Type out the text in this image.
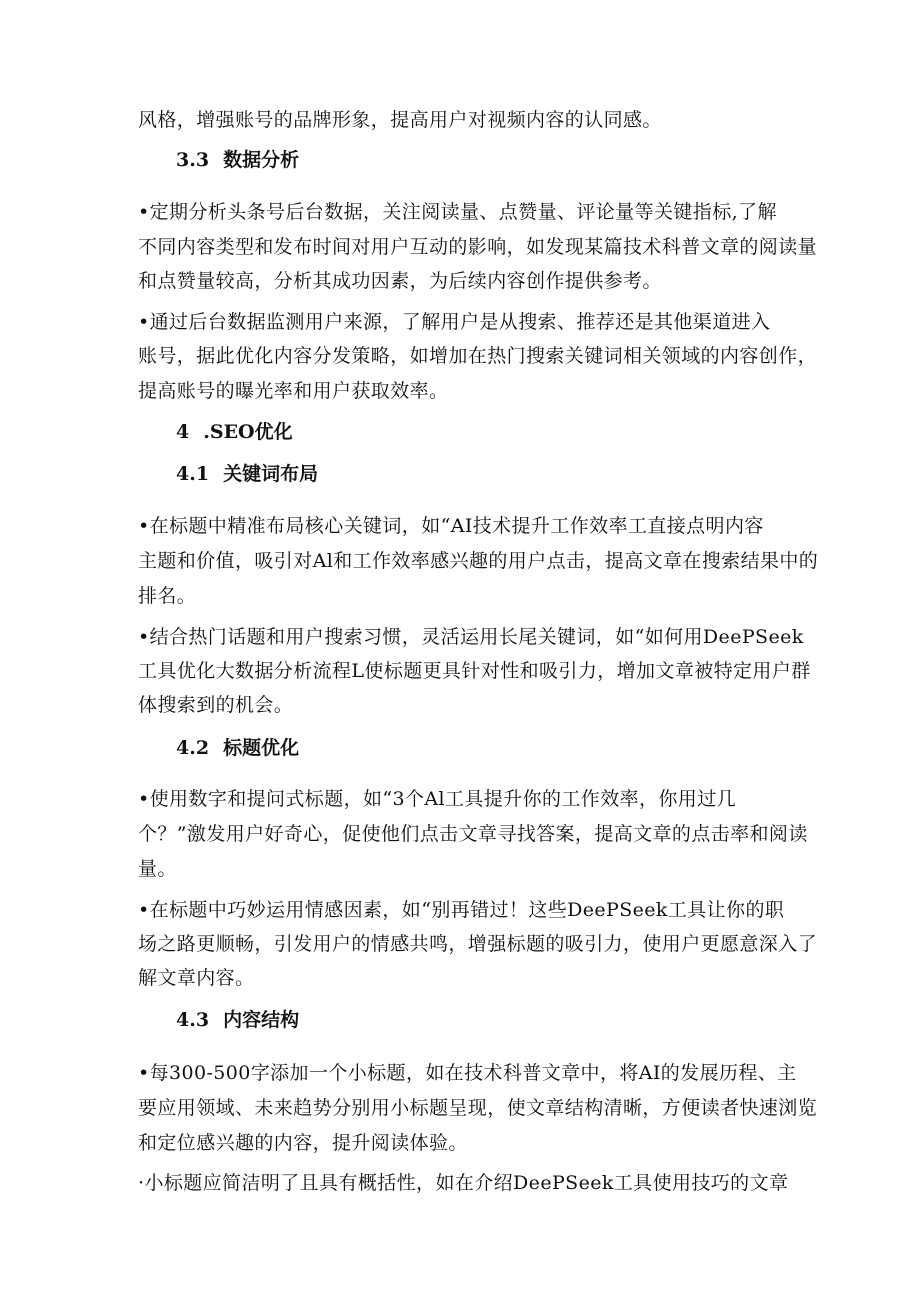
风格，增强账号的品牌形象，提高用户对视频内容的认同感。
3.3 数据分析
•定期分析头条号后台数据，关注阅读量、点赞量、评论量等关键指标,了解
不同内容类型和发布时间对用户互动的影响，如发现某篇技术科普文章的阅读量
和点赞量较高，分析其成功因素，为后续内容创作提供参考。
•通过后台数据监测用户来源，了解用户是从搜索、推荐还是其他渠道进入
账号，据此优化内容分发策略，如增加在热门搜索关键词相关领域的内容创作，
提高账号的曝光率和用户获取效率。
4 .SEO优化
4.1 关键词布局
•在标题中精准布局核心关键词，如“AI技术提升工作效率工直接点明内容
主题和价值，吸引对Al和工作效率感兴趣的用户点击，提高文章在搜索结果中的
排名。
•结合热门话题和用户搜索习惯，灵活运用长尾关键词，如“如何用DeePSeek
工具优化大数据分析流程L使标题更具针对性和吸引力，增加文章被特定用户群
体搜索到的机会。
4.2 标题优化
•使用数字和提问式标题，如“3个Al工具提升你的工作效率，你用过几
个？”激发用户好奇心，促使他们点击文章寻找答案，提高文章的点击率和阅读
量。
•在标题中巧妙运用情感因素，如“别再错过！这些DeePSeek工具让你的职
场之路更顺畅，引发用户的情感共鸣，增强标题的吸引力，使用户更愿意深入了
解文章内容。
4.3 内容结构
•每300-500字添加一个小标题，如在技术科普文章中，将AI的发展历程、主
要应用领域、未来趋势分别用小标题呈现，使文章结构清晰，方便读者快速浏览
和定位感兴趣的内容，提升阅读体验。
·小标题应简洁明了且具有概括性，如在介绍DeePSeek工具使用技巧的文章
